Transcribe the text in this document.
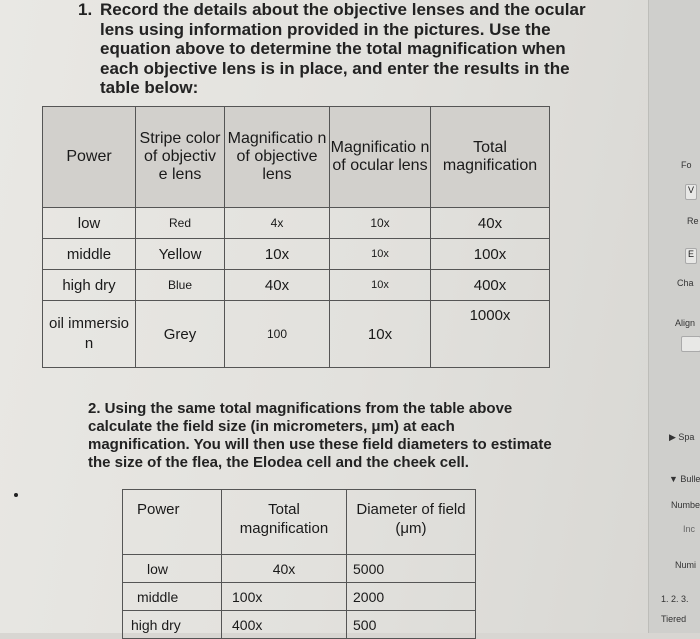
1. Record the details about the objective lenses and the ocular lens using information provided in the pictures. Use the equation above to determine the total magnification when each objective lens is in place, and enter the results in the table below:
Power	Stripe color of objectiv e lens	Magnificatio n of objective lens	Magnificatio n of ocular lens	Total magnification
low	Red	4x	10x	40x
middle	Yellow	10x	10x	100x
high dry	Blue	40x	10x	400x
oil immersio n	Grey	100	10x	1000x
2. Using the same total magnifications from the table above calculate the field size (in micrometers, μm) at each magnification. You will then use these field diameters to estimate the size of the flea, the Elodea cell and the cheek cell.
Power	Total magnification	Diameter of field (μm)
low	40x	5000
middle	100x	2000
high dry	400x	500
Fo
V
Re
E
Cha
Align
▶ Spa
▼ Bulle
Numbe
Inc
Numi
1. 2. 3.
Tiered
